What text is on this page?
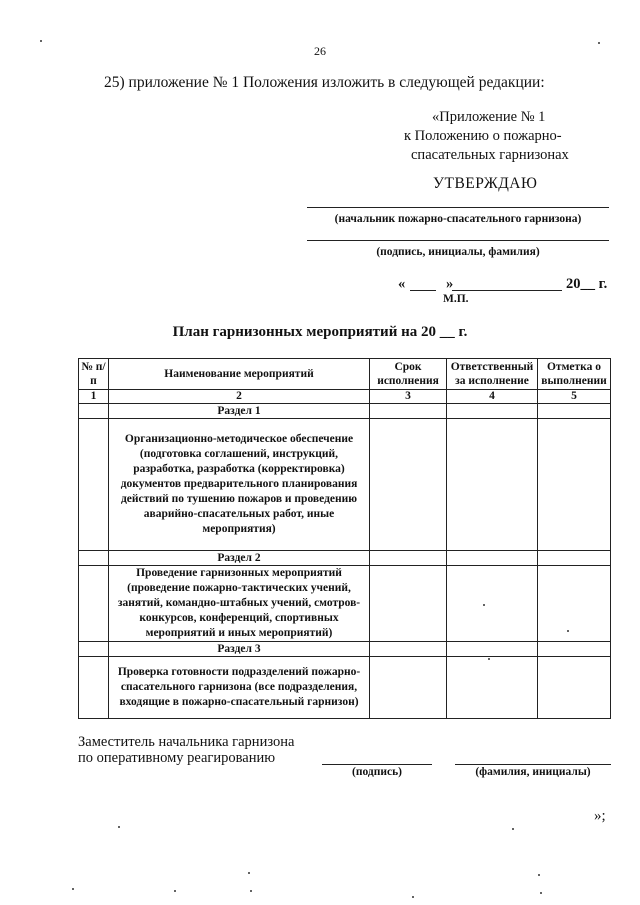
26
25) приложение № 1 Положения изложить в следующей редакции:
«Приложение № 1
к Положению о пожарно-
спасательных гарнизонах
УТВЕРЖДАЮ
(начальник пожарно-спасательного гарнизона)
(подпись, инициалы, фамилия)
«	»	20__ г.
М.П.
План гарнизонных мероприятий на 20 __ г.
№ п/п	Наименование мероприятий	Срок исполнения	Ответственный за исполнение	Отметка о выполнении
1	2	3	4	5
	Раздел 1			
	Организационно-методическое обеспечение (подготовка соглашений, инструкций, разработка, разработка (корректировка) документов предварительного планирования действий по тушению пожаров и проведению аварийно-спасательных работ, иные мероприятия)			
	Раздел 2			
	Проведение гарнизонных мероприятий (проведение пожарно-тактических учений, занятий, командно-штабных учений, смотров-конкурсов, конференций, спортивных мероприятий и иных мероприятий)			
	Раздел 3			
	Проверка готовности подразделений пожарно-спасательного гарнизона (все подразделения, входящие в пожарно-спасательный гарнизон)			
Заместитель начальника гарнизона
по оперативному реагированию
(подпись)	(фамилия, инициалы)
»;
